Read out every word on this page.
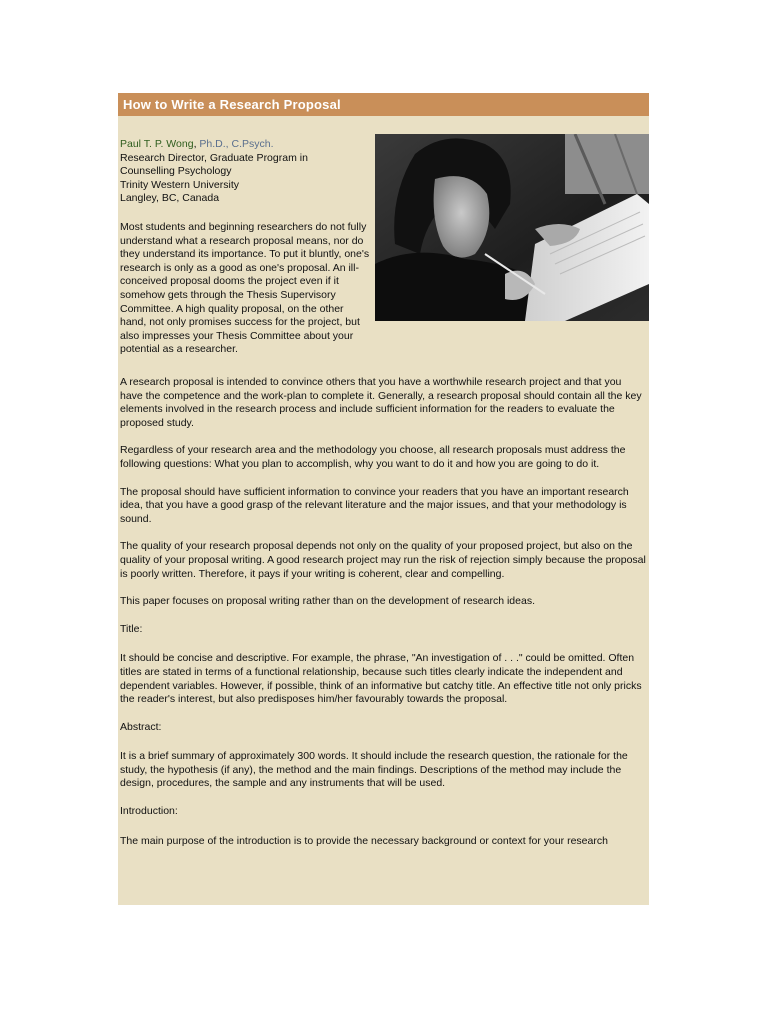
How to Write a Research Proposal
Paul T. P. Wong, Ph.D., C.Psych.
Research Director, Graduate Program in
Counselling Psychology
Trinity Western University
Langley, BC, Canada
Most students and beginning researchers do not fully understand what a research proposal means, nor do they understand its importance. To put it bluntly, one's research is only as a good as one's proposal. An ill-conceived proposal dooms the project even if it somehow gets through the Thesis Supervisory Committee. A high quality proposal, on the other hand, not only promises success for the project, but also impresses your Thesis Committee about your potential as a researcher.

A research proposal is intended to convince others that you have a worthwhile research project and that you have the competence and the work-plan to complete it. Generally, a research proposal should contain all the key elements involved in the research process and include sufficient information for the readers to evaluate the proposed study.

Regardless of your research area and the methodology you choose, all research proposals must address the following questions: What you plan to accomplish, why you want to do it and how you are going to do it.

The proposal should have sufficient information to convince your readers that you have an important research idea, that you have a good grasp of the relevant literature and the major issues, and that your methodology is sound.

The quality of your research proposal depends not only on the quality of your proposed project, but also on the quality of your proposal writing. A good research project may run the risk of rejection simply because the proposal is poorly written. Therefore, it pays if your writing is coherent, clear and compelling.

This paper focuses on proposal writing rather than on the development of research ideas.

Title:

It should be concise and descriptive. For example, the phrase, "An investigation of . . ." could be omitted. Often titles are stated in terms of a functional relationship, because such titles clearly indicate the independent and dependent variables. However, if possible, think of an informative but catchy title. An effective title not only pricks the reader's interest, but also predisposes him/her favourably towards the proposal.

Abstract:

It is a brief summary of approximately 300 words. It should include the research question, the rationale for the study, the hypothesis (if any), the method and the main findings. Descriptions of the method may include the design, procedures, the sample and any instruments that will be used.

Introduction:

The main purpose of the introduction is to provide the necessary background or context for your research
